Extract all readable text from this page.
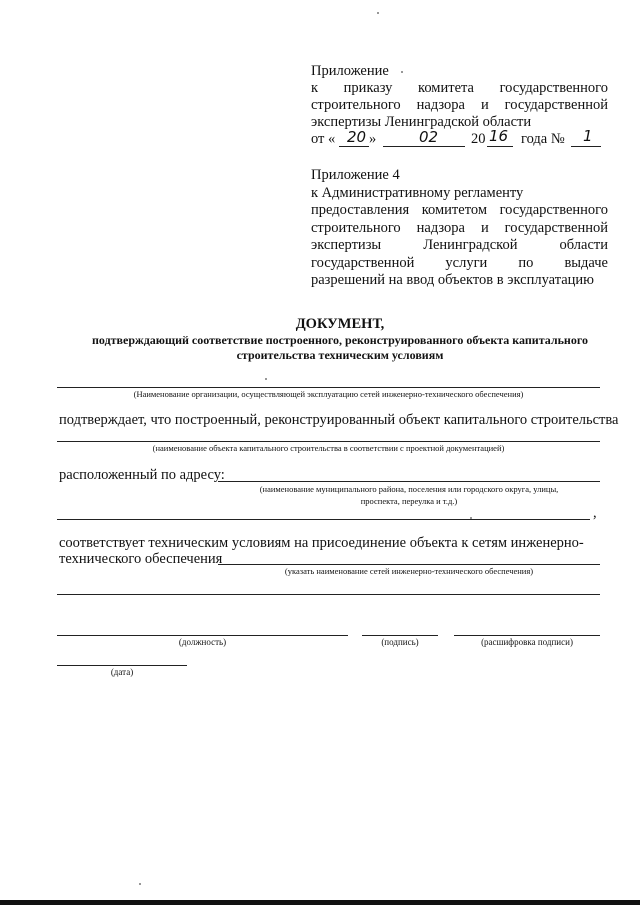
Приложение
к приказу комитета государственного
строительного надзора и государственной
экспертизы Ленинградской области
от « 20 »	02 20 16 года № 1
Приложение 4
к Административному регламенту
предоставления комитетом государственного
строительного надзора и государственной
экспертизы	Ленинградской	области
государственной услуги по выдаче
разрешений на ввод объектов в эксплуатацию
ДОКУМЕНТ,
подтверждающий соответствие построенного, реконструированного объекта капитального
строительства техническим условиям
(Наименование организации, осуществляющей эксплуатацию сетей инженерно-технического обеспечения)
подтверждает, что построенный, реконструированный объект капитального строительства
(наименование объекта капитального строительства в соответствии с проектной документацией)
расположенный по адресу:
(наименование муниципального района, поселения или городского округа, улицы,
проспекта, переулка и т.д.)
,
соответствует техническим условиям на присоединение объекта к сетям инженерно-
технического обеспечения
(указать наименование сетей инженерно-технического обеспечения)
(должность)	(подпись)	(расшифровка подписи)
(дата)
